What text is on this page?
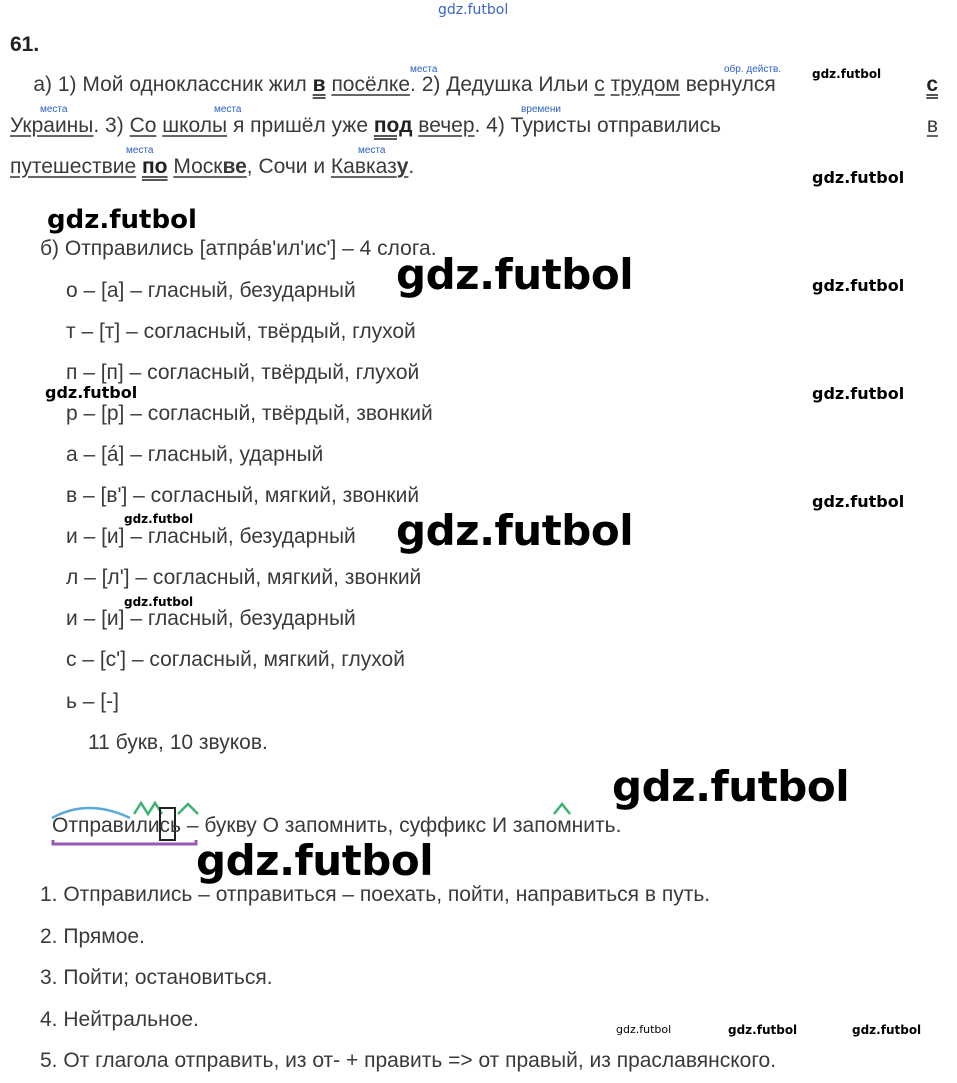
gdz.futbol
61.
места	обр. действ.
места	места	времени
места	места
а) 1) Мой одноклассник жил в посёлке. 2) Дедушка Ильи с трудом вернулся	с
Украины. 3) Со школы я пришёл уже под вечер. 4) Туристы отправились	в
путешествие по Москве, Сочи и Кавказу.
б) Отправились [атпрáв'ил'ис'] – 4 слога.
о – [а] – гласный, безударный
т – [т] – согласный, твёрдый, глухой
п – [п] – согласный, твёрдый, глухой
р – [р] – согласный, твёрдый, звонкий
а – [á] – гласный, ударный
в – [в'] – согласный, мягкий, звонкий
и – [и] – гласный, безударный
л – [л'] – согласный, мягкий, звонкий
и – [и] – гласный, безударный
с – [с'] – согласный, мягкий, глухой
ь – [-]
11 букв, 10 звуков.
Отправились – букву О запомнить, суффикс И запомнить.
1. Отправились – отправиться – поехать, пойти, направиться в путь.
2. Прямое.
3. Пойти; остановиться.
4. Нейтральное.
5. От глагола отправить, из от- + править => от правый, из праславянского.
gdz.futbol
gdz.futbol
gdz.futbol
gdz.futbol	gdz.futbol
gdz.futbol	gdz.futbol
gdz.futbol
gdz.futbol	gdz.futbol
gdz.futbol
gdz.futbol
gdz.futbol
gdz.futbol	gdz.futbol	gdz.futbol
